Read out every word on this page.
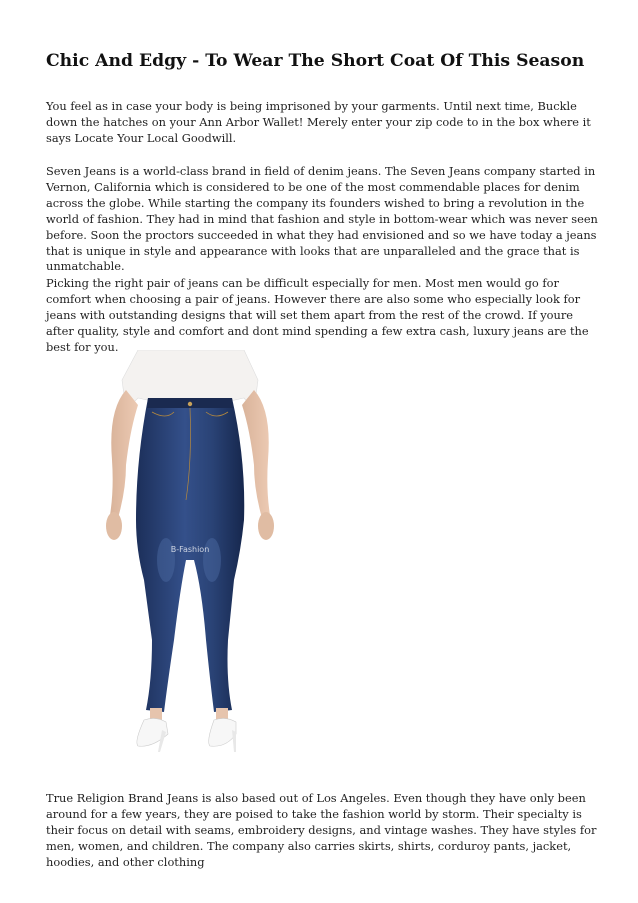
Chic And Edgy - To Wear The Short Coat Of This Season

You feel as in case your body is being imprisoned by your garments. Until next time, Buckle down the hatches on your Ann Arbor Wallet! Merely enter your zip code to in the box where it says Locate Your Local Goodwill.

Seven Jeans is a world-class brand in field of denim jeans. The Seven Jeans company started in Vernon, California which is considered to be one of the most commendable places for denim across the globe. While starting the company its founders wished to bring a revolution in the world of fashion. They had in mind that fashion and style in bottom-wear which was never seen before. Soon the proctors succeeded in what they had envisioned and so we have today a jeans that is unique in style and appearance with looks that are unparalleled and the grace that is unmatchable.

Picking the right pair of jeans can be difficult especially for men. Most men would go for comfort when choosing a pair of jeans. However there are also some who especially look for jeans with outstanding designs that will set them apart from the rest of the crowd. If youre after quality, style and comfort and dont mind spending a few extra cash, luxury jeans are the best for you.

B-Fashion

True Religion Brand Jeans is also based out of Los Angeles. Even though they have only been around for a few years, they are poised to take the fashion world by storm. Their specialty is their focus on detail with seams, embroidery designs, and vintage washes. They have styles for men, women, and children. The company also carries skirts, shirts, corduroy pants, jacket, hoodies, and other clothing
